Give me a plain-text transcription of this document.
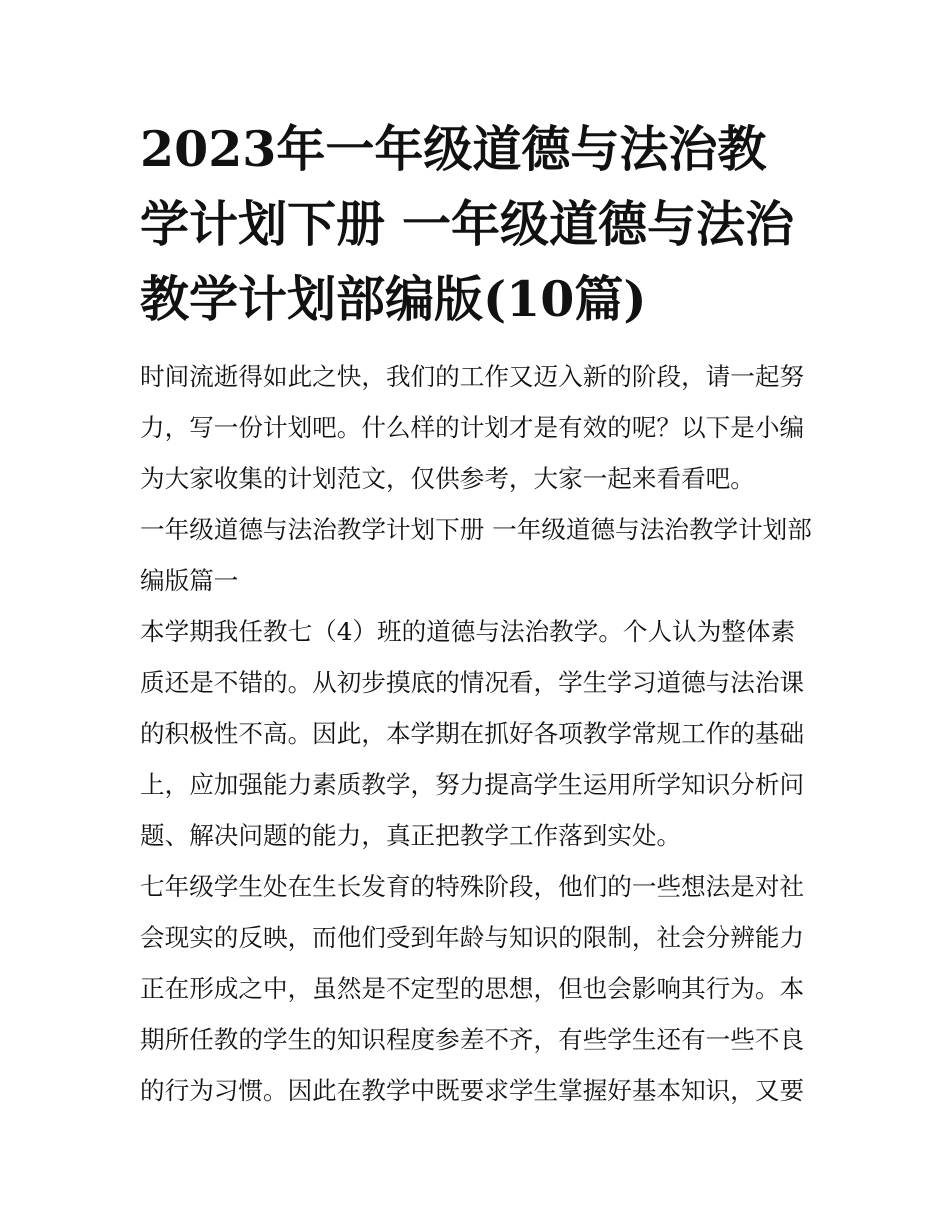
2023年一年级道德与法治教学计划下册 一年级道德与法治教学计划部编版(10篇)

时间流逝得如此之快，我们的工作又迈入新的阶段，请一起努力，写一份计划吧。什么样的计划才是有效的呢？以下是小编为大家收集的计划范文，仅供参考，大家一起来看看吧。

一年级道德与法治教学计划下册 一年级道德与法治教学计划部编版篇一

本学期我任教七（4）班的道德与法治教学。个人认为整体素质还是不错的。从初步摸底的情况看，学生学习道德与法治课的积极性不高。因此，本学期在抓好各项教学常规工作的基础上，应加强能力素质教学，努力提高学生运用所学知识分析问题、解决问题的能力，真正把教学工作落到实处。

七年级学生处在生长发育的特殊阶段，他们的一些想法是对社会现实的反映，而他们受到年龄与知识的限制，社会分辨能力正在形成之中，虽然是不定型的思想，但也会影响其行为。本期所任教的学生的知识程度参差不齐，有些学生还有一些不良的行为习惯。因此在教学中既要求学生掌握好基本知识，又要
